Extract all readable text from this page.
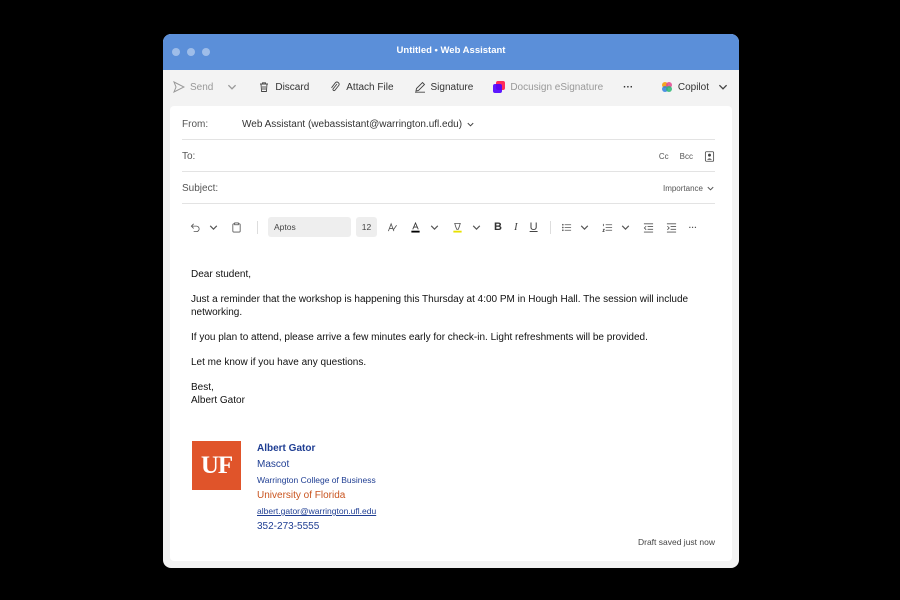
Untitled • Web Assistant
Send	Discard	Attach File	Signature	Docusign eSignature ···	Copilot
From:	Web Assistant (webassistant@warrington.ufl.edu)
To:	Cc Bcc
Subject:	Importance
Aptos	12	B I U	···

Dear student,

Just a reminder that the workshop is happening this Thursday at 4:00 PM in Hough Hall. The session will include networking.

If you plan to attend, please arrive a few minutes early for check-in. Light refreshments will be provided.

Let me know if you have any questions.

Best,

Albert Gator

UF
Albert Gator
Mascot
Warrington College of Business
University of Florida
albert.gator@warrington.ufl.edu
352-273-5555
Draft saved just now
